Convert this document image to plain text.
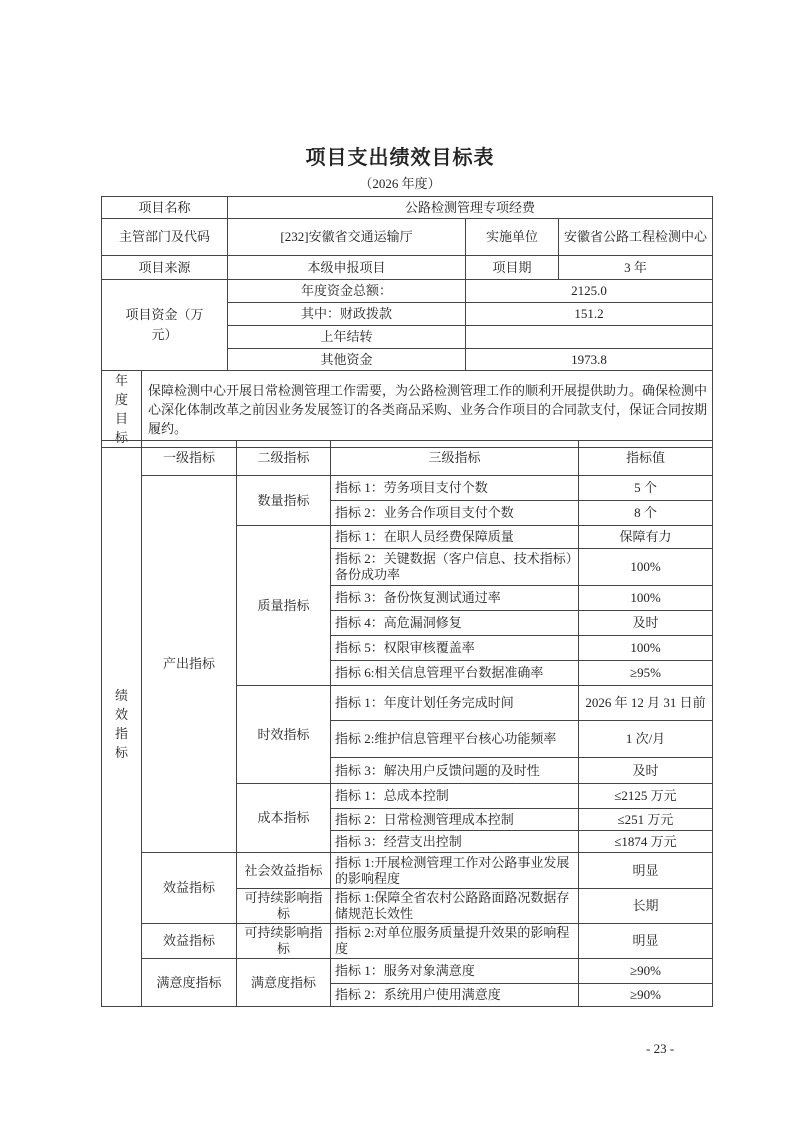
项目支出绩效目标表
（2026 年度）
项目名称	公路检测管理专项经费		
主管部门及代码	[232]安徽省交通运输厅	实施单位	安徽省公路工程检测中心
项目来源	本级申报项目	项目期	3 年

项目资金（万元）	年度资金总额：	2125.0	
	其中：财政拨款	151.2	
	上年结转		
	其他资金	1973.8	
年度目标
	保障检测中心开展日常检测管理工作需要，为公路检测管理工作的顺利开展提供助力。确保检测中心深化体制改革之前因业务发展签订的各类商品采购、业务合作项目的合同款支付，保证合同按期履约。
绩效指标	一级指标	二级指标	三级指标	指标值
	产出指标	数量指标	指标 1：劳务项目支付个数	5 个
			指标 2：业务合作项目支付个数	8 个
		质量指标	指标 1：在职人员经费保障质量	保障有力
			指标 2：关键数据（客户信息、技术指标）备份成功率	100%
			指标 3：备份恢复测试通过率	100%
			指标 4：高危漏洞修复	及时
			指标 5：权限审核覆盖率	100%
			指标 6:相关信息管理平台数据准确率	≥95%
		时效指标	指标 1：年度计划任务完成时间	2026 年 12 月 31 日前
			指标 2:维护信息管理平台核心功能频率	1 次/月
			指标 3：解决用户反馈问题的及时性	及时
		成本指标	指标 1：总成本控制	≤2125 万元
			指标 2：日常检测管理成本控制	≤251 万元
			指标 3：经营支出控制	≤1874 万元
	效益指标	社会效益指标	指标 1:开展检测管理工作对公路事业发展的影响程度	明显
		可持续影响指标	指标 1:保障全省农村公路路面路况数据存储规范长效性	长期
	效益指标	可持续影响指标	指标 2:对单位服务质量提升效果的影响程度	明显
	满意度指标	满意度指标	指标 1：服务对象满意度	≥90%
			指标 2：系统用户使用满意度	≥90%
- 23 -
